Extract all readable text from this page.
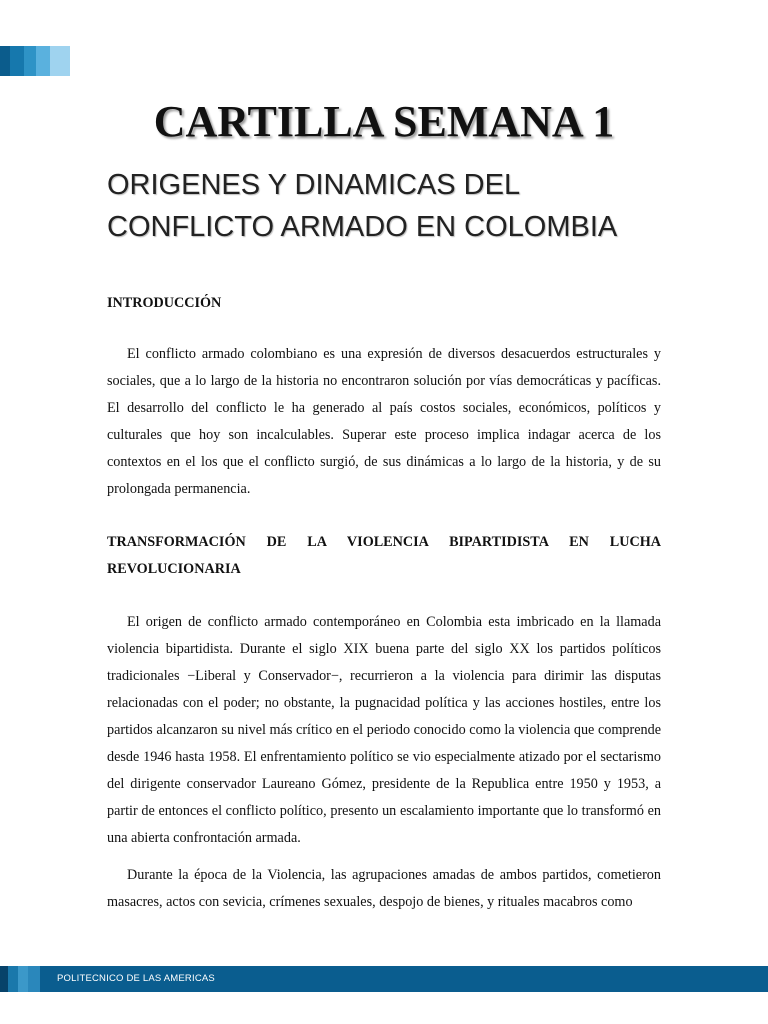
CARTILLA SEMANA 1
ORIGENES Y DINAMICAS DEL
CONFLICTO ARMADO EN COLOMBIA

INTRODUCCIÓN

El conflicto armado colombiano es una expresión de diversos desacuerdos estructurales y sociales, que a lo largo de la historia no encontraron solución por vías democráticas y pacíficas. El desarrollo del conflicto le ha generado al país costos sociales, económicos, políticos y culturales que hoy son incalculables. Superar este proceso implica indagar acerca de los contextos en el los que el conflicto surgió, de sus dinámicas a lo largo de la historia, y de su prolongada permanencia.

TRANSFORMACIÓN DE LA VIOLENCIA BIPARTIDISTA EN LUCHA REVOLUCIONARIA

El origen de conflicto armado contemporáneo en Colombia esta imbricado en la llamada violencia bipartidista. Durante el siglo XIX buena parte del siglo XX los partidos políticos tradicionales −Liberal y Conservador−, recurrieron a la violencia para dirimir las disputas relacionadas con el poder; no obstante, la pugnacidad política y las acciones hostiles, entre los partidos alcanzaron su nivel más crítico en el periodo conocido como la violencia que comprende desde 1946 hasta 1958. El enfrentamiento político se vio especialmente atizado por el sectarismo del dirigente conservador Laureano Gómez, presidente de la Republica entre 1950 y 1953, a partir de entonces el conflicto político, presento un escalamiento importante que lo transformó en una abierta confrontación armada.

Durante la época de la Violencia, las agrupaciones amadas de ambos partidos, cometieron masacres, actos con sevicia, crímenes sexuales, despojo de bienes, y rituales macabros como

POLITECNICO DE LAS AMERICAS
